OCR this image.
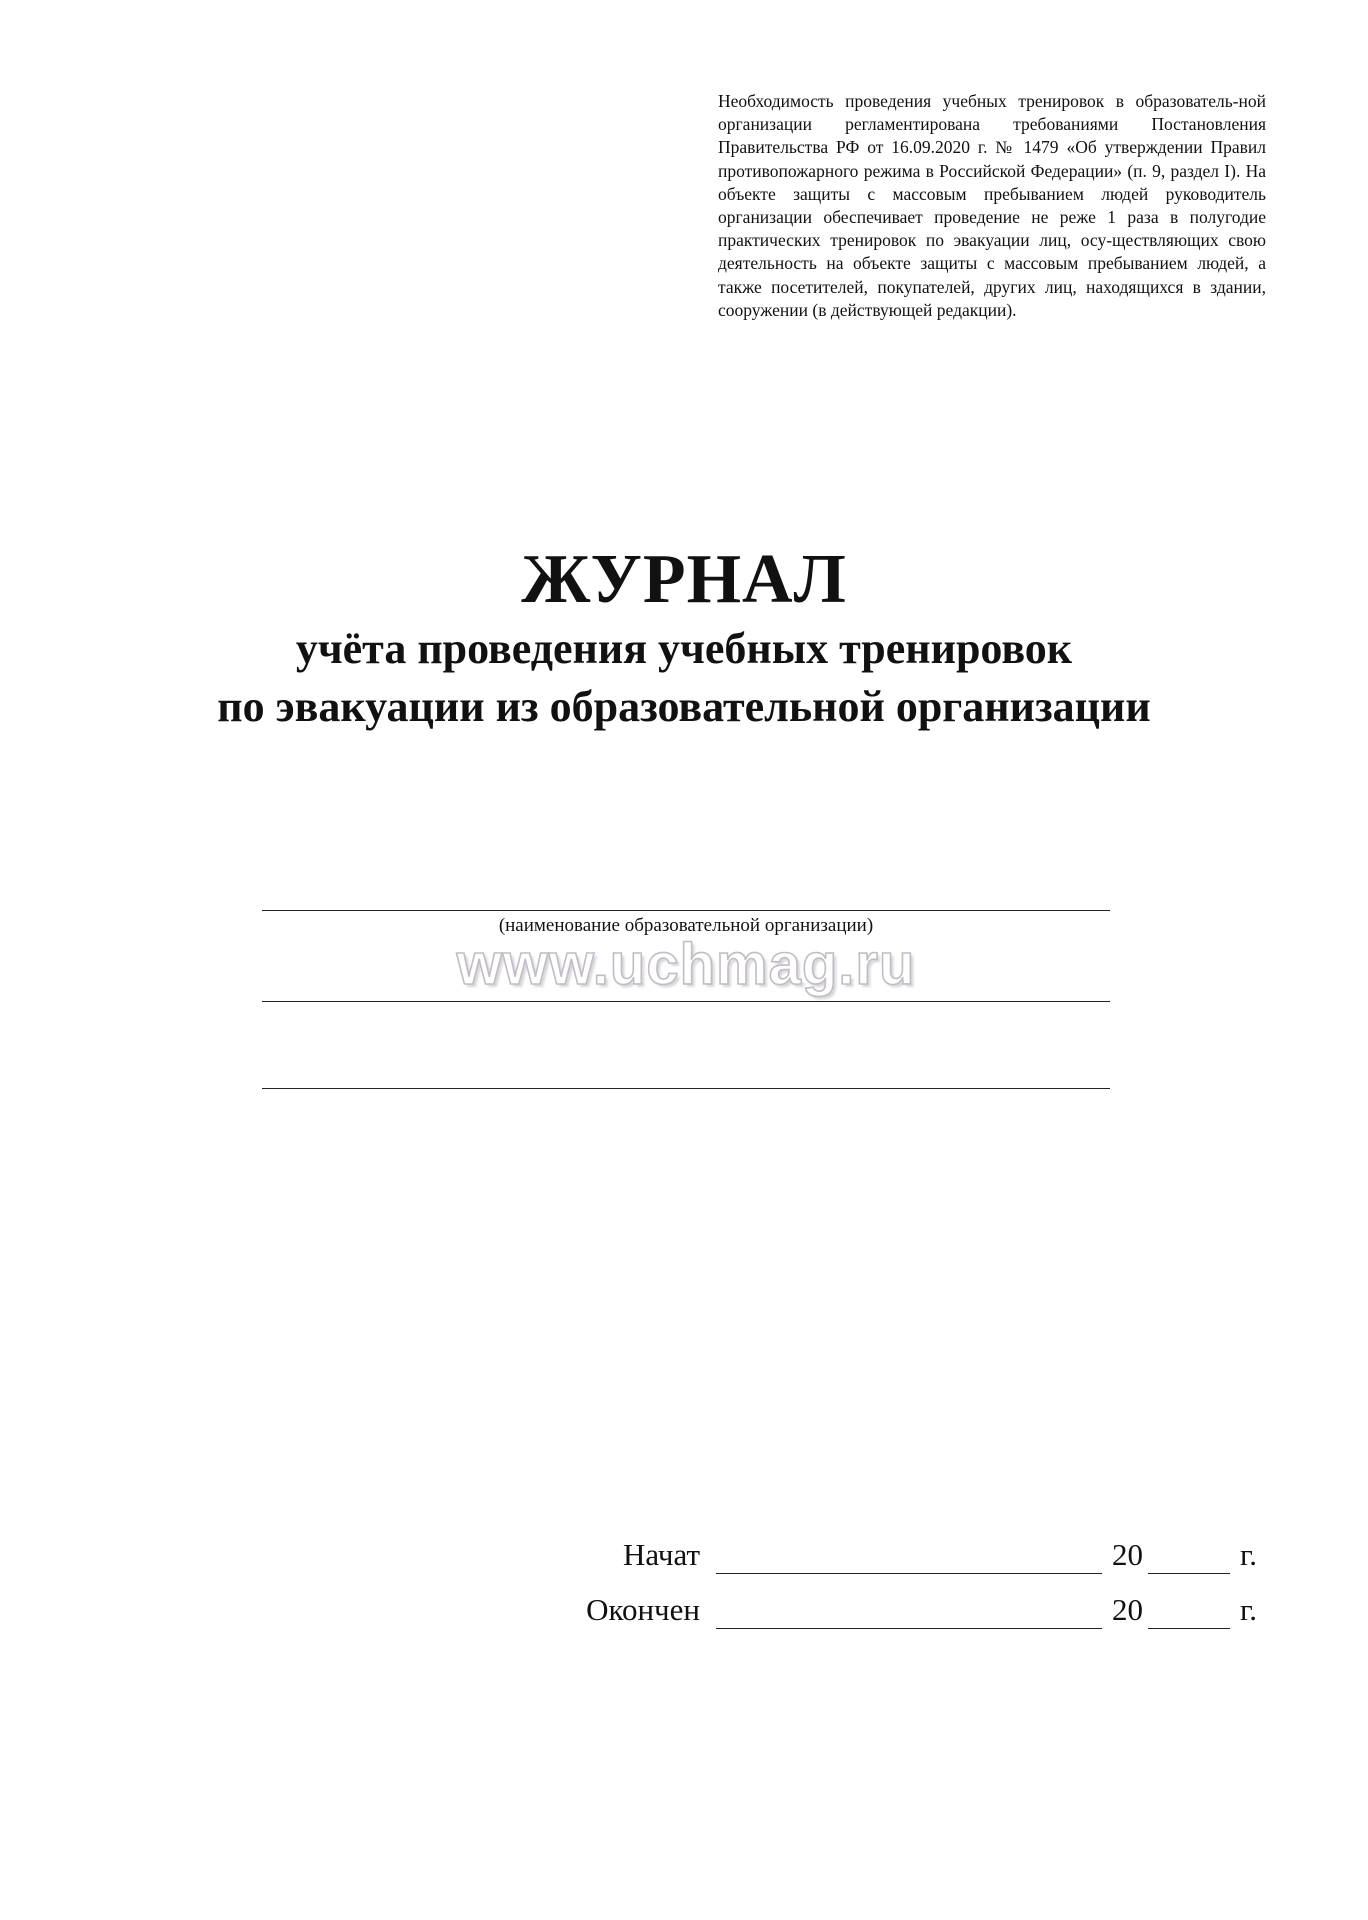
Необходимость проведения учебных тренировок в образователь-ной организации регламентирована требованиями Постановления Правительства РФ от 16.09.2020 г. № 1479 «Об утверждении Правил противопожарного режима в Российской Федерации» (п. 9, раздел I). На объекте защиты с массовым пребыванием людей руководитель организации обеспечивает проведение не реже 1 раза в полугодие практических тренировок по эвакуации лиц, осу-ществляющих свою деятельность на объекте защиты с массовым пребыванием людей, а также посетителей, покупателей, других лиц, находящихся в здании, сооружении (в действующей редакции).

ЖУРНАЛ
учёта проведения учебных тренировок
по эвакуации из образовательной организации
(наименование образовательной организации)
www.uchmag.ru
Начат	20	г.
Окончен	20	г.
